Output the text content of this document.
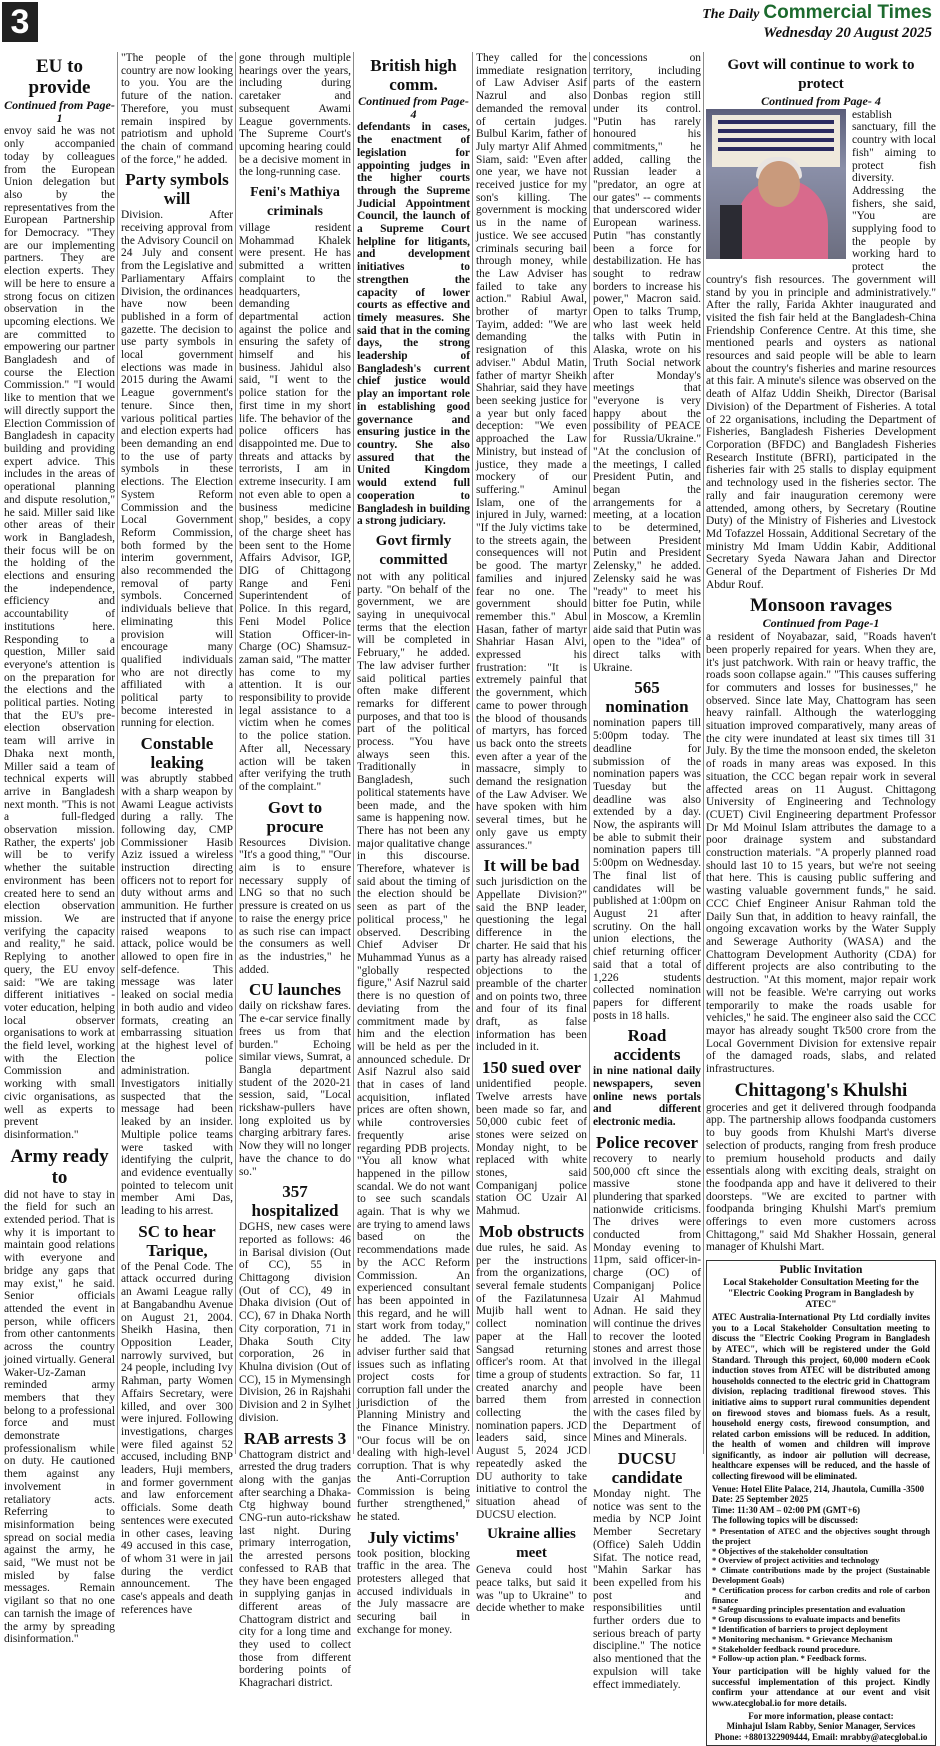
3	The Daily Commercial Times
Wednesday 20 August 2025
EU to provide
Continued from Page-1

envoy said he was not only accompanied today by colleagues from the European Union delegation but also by the representatives from the European Partnership for Democracy. "They are our implementing partners. They are election experts. They will be here to ensure a strong focus on citizen observation in the upcoming elections. We are committed to empowering our partner Bangladesh and of course the Election Commission." "I would like to mention that we will directly support the Election Commission of Bangladesh in capacity building and providing expert advice. This includes in the areas of operational planning and dispute resolution," he said. Miller said like other areas of their work in Bangladesh, their focus will be on the holding of the elections and ensuring the independence, efficiency and accountability of institutions here. Responding to a question, Miller said everyone's attention is on the preparation for the elections and the political parties. Noting that the EU's pre-election observation team will arrive in Dhaka next month, Miller said a team of technical experts will arrive in Bangladesh next month. "This is not a full-fledged observation mission. Rather, the experts' job will be to verify whether the suitable environment has been created here to send an election observation mission. We are verifying the capacity and reality," he said. Replying to another query, the EU envoy said: "We are taking different initiatives - voter education, helping local observer organisations to work at the field level, working with the Election Commission and working with small civic organisations, as well as experts to prevent disinformation."

Army ready to

did not have to stay in the field for such an extended period. That is why it is important to maintain good relations with everyone and bridge any gaps that may exist," he said. Senior officials attended the event in person, while officers from other cantonments across the country joined virtually. General Waker-Uz-Zaman reminded army members that they belong to a professional force and must demonstrate professionalism while on duty. He cautioned them against any involvement in retaliatory acts. Referring to misinformation being spread on social media against the army, he said, "We must not be misled by false messages. Remain vigilant so that no one can tarnish the image of the army by spreading disinformation."

"The people of the country are now looking to you. You are the future of the nation. Therefore, you must remain inspired by patriotism and uphold the chain of command of the force," he added.

Party symbols will

Division. After receiving approval from the Advisory Council on 24 July and consent from the Legislative and Parliamentary Affairs Division, the ordinances have now been published in a form of gazette. The decision to use party symbols in local government elections was made in 2015 during the Awami League government's tenure. Since then, various political parties and election experts had been demanding an end to the use of party symbols in these elections. The Election System Reform Commission and the Local Government Reform Commission, both formed by the interim government, also recommended the removal of party symbols. Concerned individuals believe that eliminating this provision will encourage many qualified individuals who are not directly affiliated with a political party to become interested in running for election.

Constable leaking

was abruptly stabbed with a sharp weapon by Awami League activists during a rally. The following day, CMP Commissioner Hasib Aziz issued a wireless instruction directing officers not to report for duty without arms and ammunition. He further instructed that if anyone raised weapons to attack, police would be allowed to open fire in self-defence. This message was later leaked on social media in both audio and video formats, creating an embarrassing situation at the highest level of the police administration. Investigators initially suspected that the message had been leaked by an insider. Multiple police teams were tasked with identifying the culprit, and evidence eventually pointed to telecom unit member Ami Das, leading to his arrest.

SC to hear Tarique,

of the Penal Code. The attack occurred during an Awami League rally at Bangabandhu Avenue on August 21, 2004. Sheikh Hasina, then Opposition Leader, narrowly survived, but 24 people, including Ivy Rahman, party Women Affairs Secretary, were killed, and over 300 were injured. Following investigations, charges were filed against 52 accused, including BNP leaders, Huji members, and former government and law enforcement officials. Some death sentences were executed in other cases, leaving 49 accused in this case, of whom 31 were in jail during the verdict announcement. The case's appeals and death references have

gone through multiple hearings over the years, including during caretaker and subsequent Awami League governments. The Supreme Court's upcoming hearing could be a decisive moment in the long-running case.

Feni's Mathiya criminals

village resident Mohammad Khalek were present. He has submitted a written complaint to the headquarters, demanding departmental action against the police and ensuring the safety of himself and his business. Jahidul also said, "I went to the police station for the first time in my short life. The behavior of the police officers has disappointed me. Due to threats and attacks by terrorists, I am in extreme insecurity. I am not even able to open a business medicine shop," besides, a copy of the charge sheet has been sent to the Home Affairs Advisor, IGP, DIG of Chittagong Range and Feni Superintendent of Police. In this regard, Feni Model Police Station Officer-in-Charge (OC) Shamsuz-zaman said, "The matter has come to my attention. It is our responsibility to provide legal assistance to a victim when he comes to the police station. After all, Necessary action will be taken after verifying the truth of the complaint."

Govt to procure

Resources Division. "It's a good thing," "Our aim is to ensure necessary supply of LNG so that no such pressure is created on us to raise the energy price as such rise can impact the consumers as well as the industries," he added.

CU launches

daily on rickshaw fares. The e-car service finally frees us from that burden." Echoing similar views, Sumrat, a Bangla department student of the 2020-21 session, said, "Local rickshaw-pullers have long exploited us by charging arbitrary fares. Now they will no longer have the chance to do so."

357 hospitalized

DGHS, new cases were reported as follows: 46 in Barisal division (Out of CC), 55 in Chittagong division (Out of CC), 49 in Dhaka division (Out of CC), 67 in Dhaka North City corporation, 71 in Dhaka South City corporation, 26 in Khulna division (Out of CC), 15 in Mymensingh Division, 26 in Rajshahi Division and 2 in Sylhet division.

RAB arrests 3

Chattogram district and arrested the drug traders along with the ganjas after searching a Dhaka-Ctg highway bound CNG-run auto-rickshaw last night. During primary interrogation, the arrested persons confessed to RAB that they have been engaged in supplying ganjas in different areas of Chattogram district and city for a long time and they used to collect those from different bordering points of Khagrachari district.

British high comm.
Continued from Page- 4

defendants in cases, the enactment of legislation for appointing judges in the higher courts through the Supreme Judicial Appointment Council, the launch of a Supreme Court helpline for litigants, and development initiatives to strengthen the capacity of lower courts as effective and timely measures. She said that in the coming days, the strong leadership of Bangladesh's current chief justice would play an important role in establishing good governance and ensuring justice in the country. She also assured that the United Kingdom would extend full cooperation to Bangladesh in building a strong judiciary.

Govt firmly committed

not with any political party. "On behalf of the government, we are saying in unequivocal terms that the election will be completed in February," he added. The law adviser further said political parties often make different remarks for different purposes, and that too is part of the political process. "You have always seen this. Traditionally in Bangladesh, such political statements have been made, and the same is happening now. There has not been any major qualitative change in this discourse. Therefore, whatever is said about the timing of the election should be seen as part of the political process," he observed. Describing Chief Adviser Dr Muhammad Yunus as a "globally respected figure," Asif Nazrul said there is no question of deviating from the commitment made by him and the election will be held as per the announced schedule. Dr Asif Nazrul also said that in cases of land acquisition, inflated prices are often shown, while controversies frequently arise regarding PDB projects. "You all know what happened in the pillow scandal. We do not want to see such scandals again. That is why we are trying to amend laws based on the recommendations made by the ACC Reform Commission. An experienced consultant has been appointed in this regard, and he will start work from today," he added. The law adviser further said that issues such as inflating project costs for corruption fall under the jurisdiction of the Planning Ministry and the Finance Ministry. "Our focus will be on dealing with high-level corruption. That is why the Anti-Corruption Commission is being further strengthened," he stated.

July victims'

took position, blocking traffic in the area. The protesters alleged that accused individuals in the July massacre are securing bail in exchange for money.

They called for the immediate resignation of Law Adviser Asif Nazrul and also demanded the removal of certain judges. Bulbul Karim, father of July martyr Alif Ahmed Siam, said: "Even after one year, we have not received justice for my son's killing. The government is mocking us in the name of justice. We see accused criminals securing bail through money, while the Law Adviser has failed to take any action." Rabiul Awal, brother of martyr Tayim, added: "We are demanding the resignation of this adviser." Abdul Matin, father of martyr Sheikh Shahriar, said they have been seeking justice for a year but only faced deception: "We even approached the Law Ministry, but instead of justice, they made a mockery of our suffering." Aminul Islam, one of the injured in July, warned: "If the July victims take to the streets again, the consequences will not be good. The martyr families and injured fear no one. The government should remember this." Abul Hasan, father of martyr Shahriar Hasan Alvi, expressed his frustration: "It is extremely painful that the government, which came to power through the blood of thousands of martyrs, has forced us back onto the streets even after a year of the massacre, simply to demand the resignation of the Law Adviser. We have spoken with him several times, but he only gave us empty assurances."

It will be bad

such jurisdiction on the Appellate Division?" said the BNP leader, questioning the legal difference in the charter. He said that his party has already raised objections to the preamble of the charter and on points two, three and four of its final draft, as false information has been included in it.

150 sued over

unidentified people. Twelve arrests have been made so far, and 50,000 cubic feet of stones were seized on Monday night, to be replaced with white stones, said Companiganj police station OC Uzair Al Mahmud.

Mob obstructs

due rules, he said. As per the instructions from the organizations, several female students of the Fazilatunnesa Mujib hall went to collect nomination paper at the Hall Sangsad returning officer's room. At that time a group of students created anarchy and barred them from collecting the nomination papers. JCD leaders said, since August 5, 2024 JCD repeatedly asked the DU authority to take initiative to control the situation ahead of DUCSU election.

Ukraine allies meet

Geneva could host peace talks, but said it was "up to Ukraine" to decide whether to make

concessions on territory, including parts of the eastern Donbas region still under its control. "Putin has rarely honoured his commitments," he added, calling the Russian leader a "predator, an ogre at our gates" -- comments that underscored wider European wariness. Putin "has constantly been a force for destabilization. He has sought to redraw borders to increase his power," Macron said. Open to talks Trump, who last week held talks with Putin in Alaska, wrote on his Truth Social network after Monday's meetings that "everyone is very happy about the possibility of PEACE for Russia/Ukraine." "At the conclusion of the meetings, I called President Putin, and began the arrangements for a meeting, at a location to be determined, between President Putin and President Zelensky," he added. Zelensky said he was "ready" to meet his bitter foe Putin, while in Moscow, a Kremlin aide said that Putin was open to the "idea" of direct talks with Ukraine.

565 nomination

nomination papers till 5:00pm today. The deadline for submission of the nomination papers was Tuesday but the deadline was also extended by a day. Now, the aspirants will be able to submit their nomination papers till 5:00pm on Wednesday. The final list of candidates will be published at 1:00pm on August 21 after scrutiny. On the hall union elections, the chief returning officer said that a total of 1,226 students collected nomination papers for different posts in 18 halls.

Road accidents

in nine national daily newspapers, seven online news portals and different electronic media.

Police recover

recovery to nearly 500,000 cft since the massive stone plundering that sparked nationwide criticisms. The drives were conducted from Monday evening to 11pm, said officer-in-charge (OC) of Companiganj Police Uzair Al Mahmud Adnan. He said they will continue the drives to recover the looted stones and arrest those involved in the illegal extraction. So far, 11 people have been arrested in connection with the cases filed by the Department of Mines and Minerals.

DUCSU candidate

Monday night. The notice was sent to the media by NCP Joint Member Secretary (Office) Saleh Uddin Sifat. The notice read, "Mahin Sarkar has been expelled from his post and responsibilities until further orders due to serious breach of party discipline." The notice also mentioned that the expulsion will take effect immediately.

Govt will continue to work to protect
Continued from Page- 4

establish sanctuary, fill the country with local fish" aiming to protect fish diversity. Addressing the fishers, she said, "You are supplying food to the people by working hard to protect the country's fish resources. The government will stand by you in principle and administratively." After the rally, Farida Akhter inaugurated and visited the fish fair held at the Bangladesh-China Friendship Conference Centre. At this time, she mentioned pearls and oysters as national resources and said people will be able to learn about the country's fisheries and marine resources at this fair. A minute's silence was observed on the death of Alfaz Uddin Sheikh, Director (Barisal Division) of the Department of Fisheries. A total of 22 organisations, including the Department of Fisheries, Bangladesh Fisheries Development Corporation (BFDC) and Bangladesh Fisheries Research Institute (BFRI), participated in the fisheries fair with 25 stalls to display equipment and technology used in the fisheries sector. The rally and fair inauguration ceremony were attended, among others, by Secretary (Routine Duty) of the Ministry of Fisheries and Livestock Md Tofazzel Hossain, Additional Secretary of the ministry Md Imam Uddin Kabir, Additional Secretary Syeda Nawara Jahan and Director General of the Department of Fisheries Dr Md Abdur Rouf.

Monsoon ravages
Continued from Page-1

a resident of Noyabazar, said, "Roads haven't been properly repaired for years. When they are, it's just patchwork. With rain or heavy traffic, the roads soon collapse again." "This causes suffering for commuters and losses for businesses," he observed. Since late May, Chattogram has seen heavy rainfall. Although the waterlogging situation improved comparatively, many areas of the city were inundated at least six times till 31 July. By the time the monsoon ended, the skeleton of roads in many areas was exposed. In this situation, the CCC began repair work in several affected areas on 11 August. Chittagong University of Engineering and Technology (CUET) Civil Engineering department Professor Dr Md Moinul Islam attributes the damage to a poor drainage system and substandard construction materials. "A properly planned road should last 10 to 15 years, but we're not seeing that here. This is causing public suffering and wasting valuable government funds," he said. CCC Chief Engineer Anisur Rahman told the Daily Sun that, in addition to heavy rainfall, the ongoing excavation works by the Water Supply and Sewerage Authority (WASA) and the Chattogram Development Authority (CDA) for different projects are also contributing to the destruction. "At this moment, major repair work will not be feasible. We're carrying out works temporarily to make the roads usable for vehicles," he said. The engineer also said the CCC mayor has already sought Tk500 crore from the Local Government Division for extensive repair of the damaged roads, slabs, and related infrastructures.

Chittagong's Khulshi

groceries and get it delivered through foodpanda app. The partnership allows foodpanda customers to buy goods from Khulshi Mart's diverse selection of products, ranging from fresh produce to premium household products and daily essentials along with exciting deals, straight on the foodpanda app and have it delivered to their doorsteps. "We are excited to partner with foodpanda bringing Khulshi Mart's premium offerings to even more customers across Chittagong," said Md Shakher Hossain, general manager of Khulshi Mart.

Public Invitation
Local Stakeholder Consultation Meeting for the "Electric Cooking Program in Bangladesh by ATEC"
ATEC Australia-International Pty Ltd cordially invites you to a Local Stakeholder Consultation meeting to discuss the "Electric Cooking Program in Bangladesh by ATEC", which will be registered under the Gold Standard. Through this project, 60,000 modern eCook induction stoves from ATEC will be distributed among households connected to the electric grid in Chattogram division, replacing traditional firewood stoves. This initiative aims to support rural communities dependent on firewood stoves and biomass fuels. As a result, household energy costs, firewood consumption, and related carbon emissions will be reduced. In addition, the health of women and children will improve significantly, as indoor air pollution will decrease, healthcare expenses will be reduced, and the hassle of collecting firewood will be eliminated.
Venue: Hotel Elite Palace, 214, Jhautola, Cumilla -3500
Date: 25 September 2025
Time: 11:30 AM – 02:00 PM (GMT+6)
The following topics will be discussed:
* Presentation of ATEC and the objectives sought through the project
* Objectives of the stakeholder consultation
* Overview of project activities and technology
* Climate contributions made by the project (Sustainable Development Goals)
* Certification process for carbon credits and role of carbon finance
* Safeguarding principles presentation and evaluation
* Group discussions to evaluate impacts and benefits
* Identification of barriers to project deployment
* Monitoring mechanism. * Grievance Mechanism
* Stakeholder feedback round procedure.
* Follow-up action plan. * Feedback forms.
Your participation will be highly valued for the successful implementation of this project. Kindly confirm your attendance at our event and visit www.atecglobal.io for more details.
For more information, please contact:
Minhajul Islam Rabby, Senior Manager, Services
Phone: +8801322909444, Email: mrabby@atecglobal.io
